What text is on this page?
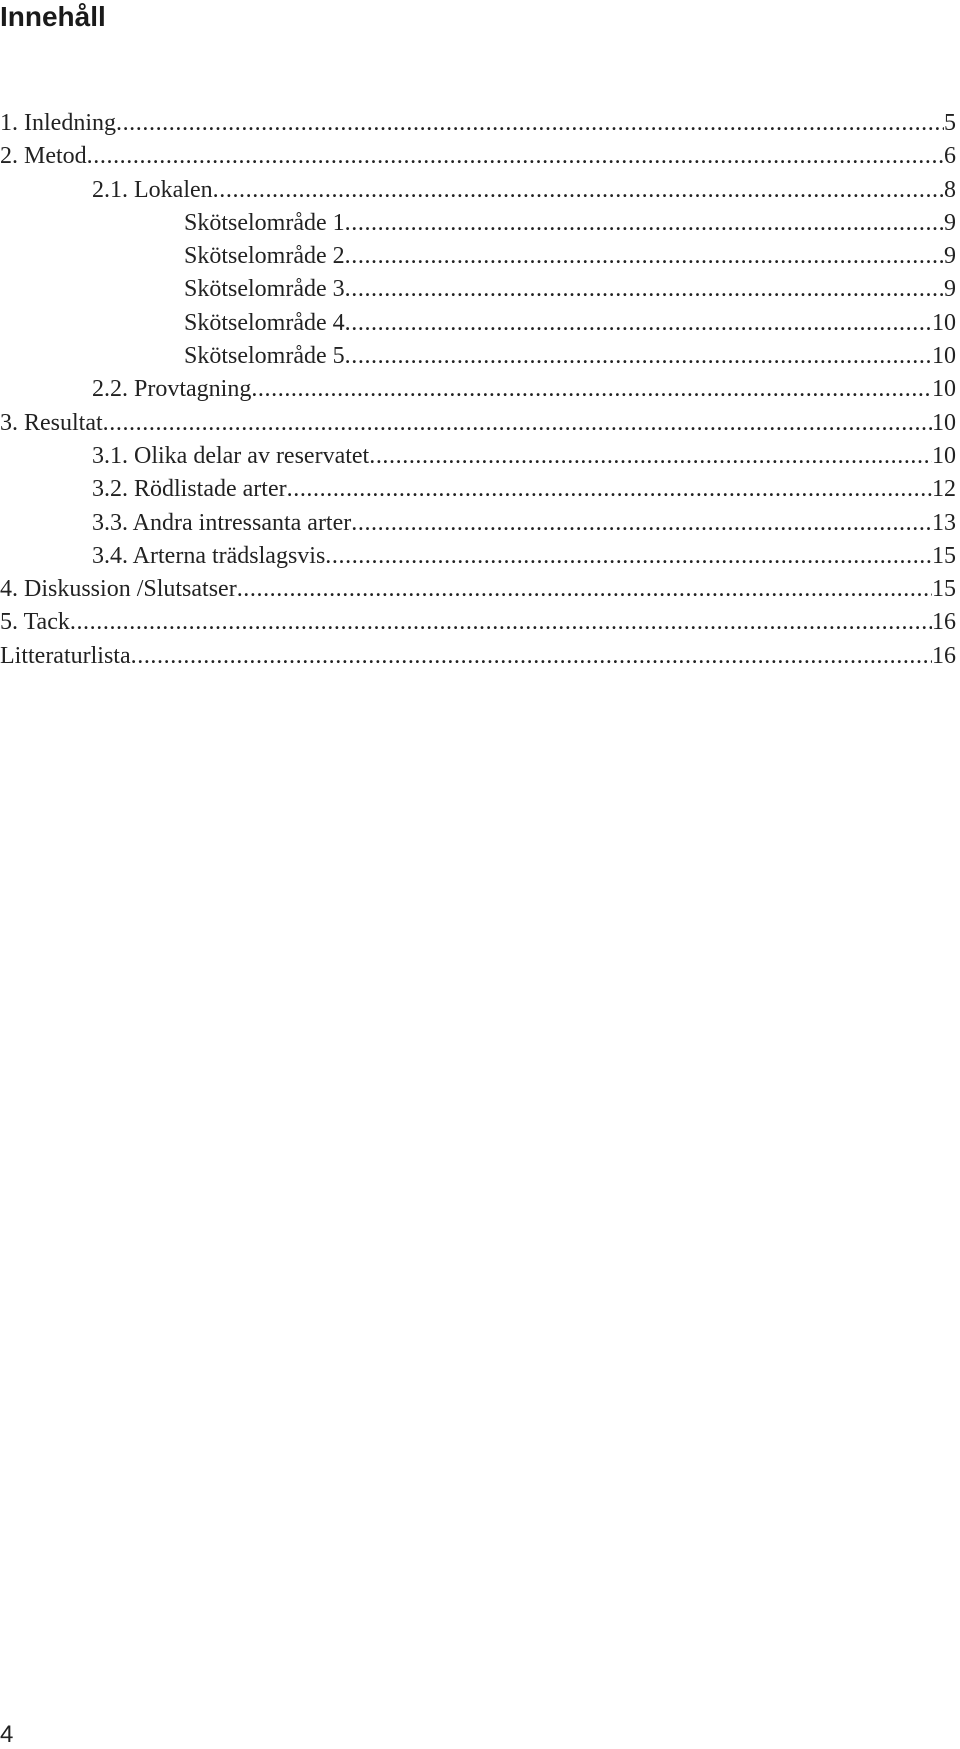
Innehåll
1. Inledning .....	5
2. Metod .....	6
2.1. Lokalen .....	8
Skötselområde 1 .....	9
Skötselområde 2 .....	9
Skötselområde 3 .....	9
Skötselområde 4 .....	10
Skötselområde 5 .....	10
2.2. Provtagning .....	10
3. Resultat .....	10
3.1. Olika delar av reservatet .....	10
3.2. Rödlistade arter .....	12
3.3. Andra intressanta arter .....	13
3.4. Arterna trädslagsvis .....	15
4. Diskussion /Slutsatser .....	15
5. Tack .....	16
Litteraturlista .....	16
4
